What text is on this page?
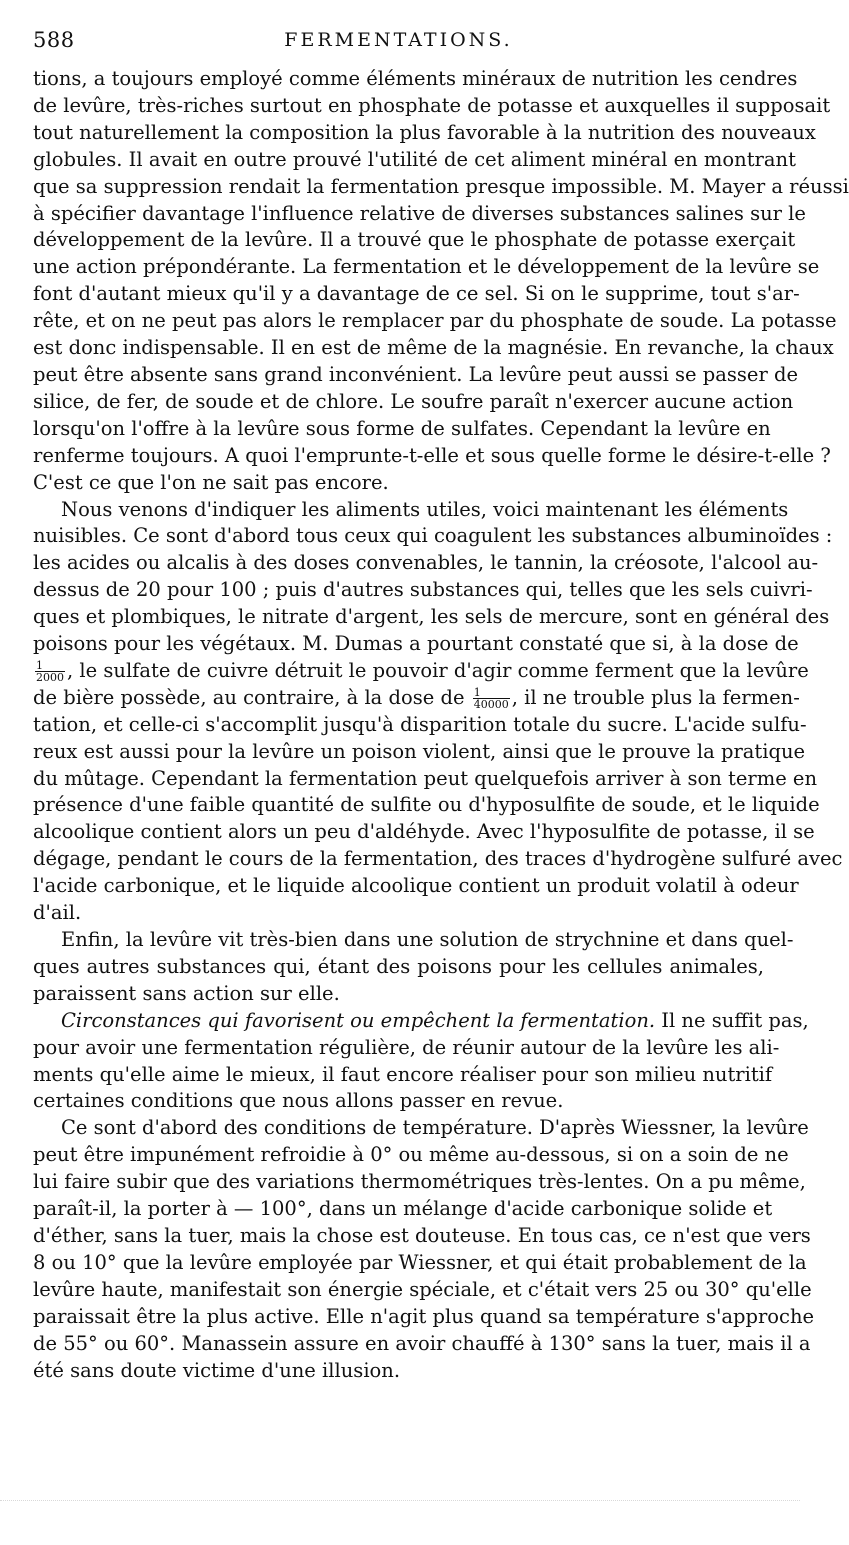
588	FERMENTATIONS.
tions, a toujours employé comme éléments minéraux de nutrition les cendres
de levûre, très-riches surtout en phosphate de potasse et auxquelles il supposait
tout naturellement la composition la plus favorable à la nutrition des nouveaux
globules. Il avait en outre prouvé l'utilité de cet aliment minéral en montrant
que sa suppression rendait la fermentation presque impossible. M. Mayer a réussi
à spécifier davantage l'influence relative de diverses substances salines sur le
développement de la levûre. Il a trouvé que le phosphate de potasse exerçait
une action prépondérante. La fermentation et le développement de la levûre se
font d'autant mieux qu'il y a davantage de ce sel. Si on le supprime, tout s'ar-
rête, et on ne peut pas alors le remplacer par du phosphate de soude. La potasse
est donc indispensable. Il en est de même de la magnésie. En revanche, la chaux
peut être absente sans grand inconvénient. La levûre peut aussi se passer de
silice, de fer, de soude et de chlore. Le soufre paraît n'exercer aucune action
lorsqu'on l'offre à la levûre sous forme de sulfates. Cependant la levûre en
renferme toujours. A quoi l'emprunte-t-elle et sous quelle forme le désire-t-elle ?
C'est ce que l'on ne sait pas encore.
Nous venons d'indiquer les aliments utiles, voici maintenant les éléments
nuisibles. Ce sont d'abord tous ceux qui coagulent les substances albuminoïdes :
les acides ou alcalis à des doses convenables, le tannin, la créosote, l'alcool au-
dessus de 20 pour 100 ; puis d'autres substances qui, telles que les sels cuivri-
ques et plombiques, le nitrate d'argent, les sels de mercure, sont en général des
poisons pour les végétaux. M. Dumas a pourtant constaté que si, à la dose de
$\frac{1}{2000}$ , le sulfate de cuivre détruit le pouvoir d'agir comme ferment que la levûre
de bière possède, au contraire, à la dose de $\frac{1}{40000}$ , il ne trouble plus la fermen-
tation, et celle-ci s'accomplit jusqu'à disparition totale du sucre. L'acide sulfu-
reux est aussi pour la levûre un poison violent, ainsi que le prouve la pratique
du mûtage. Cependant la fermentation peut quelquefois arriver à son terme en
présence d'une faible quantité de sulfite ou d'hyposulfite de soude, et le liquide
alcoolique contient alors un peu d'aldéhyde. Avec l'hyposulfite de potasse, il se
dégage, pendant le cours de la fermentation, des traces d'hydrogène sulfuré avec
l'acide carbonique, et le liquide alcoolique contient un produit volatil à odeur
d'ail.
Enfin, la levûre vit très-bien dans une solution de strychnine et dans quel-
ques autres substances qui, étant des poisons pour les cellules animales,
paraissent sans action sur elle.
Circonstances qui favorisent ou empêchent la fermentation. Il ne suffit pas,
pour avoir une fermentation régulière, de réunir autour de la levûre les ali-
ments qu'elle aime le mieux, il faut encore réaliser pour son milieu nutritif
certaines conditions que nous allons passer en revue.
Ce sont d'abord des conditions de température. D'après Wiessner, la levûre
peut être impunément refroidie à 0° ou même au-dessous, si on a soin de ne
lui faire subir que des variations thermométriques très-lentes. On a pu même,
paraît-il, la porter à — 100°, dans un mélange d'acide carbonique solide et
d'éther, sans la tuer, mais la chose est douteuse. En tous cas, ce n'est que vers
8 ou 10° que la levûre employée par Wiessner, et qui était probablement de la
levûre haute, manifestait son énergie spéciale, et c'était vers 25 ou 30° qu'elle
paraissait être la plus active. Elle n'agit plus quand sa température s'approche
de 55° ou 60°. Manassein assure en avoir chauffé à 130° sans la tuer, mais il a
été sans doute victime d'une illusion.
